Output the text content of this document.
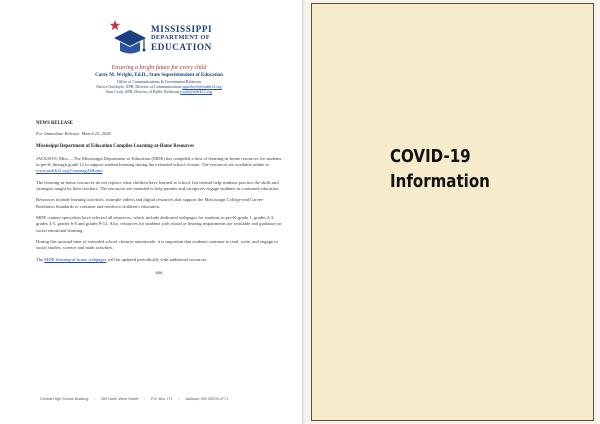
MISSISSIPPI
DEPARTMENT OF
EDUCATION
Ensuring a bright future for every child
Carey M. Wright, Ed.D., State Superintendent of Education
Office of Communications & Government Relations
Patrice Guilfoyle, APR, Director of Communications pguilfoyle@mdek12.org
Jean Cook, APR, Director of Public Relations jcook@mdek12.org
NEWS RELEASE
For Immediate Release: March 23, 2020
Mississippi Department of Education Compiles Learning-at-Home Resources

JACKSON, Miss. – The Mississippi Department of Education (MDE) has compiled a host of learning-at-home resources for students in pre-K through grade 12 to support student learning during the extended school closure. The resources are available online at www.mdek12.org/LearningAtHome.

The learning-at-home resources do not replace what children have learned at school, but instead help students practice the skills and strategies taught by their teachers. The resources are intended to help parents and caregivers engage students in continued education.

Resources include learning activities, example videos and digital resources that support the Mississippi College-and Career-Readiness Standards to continue and reinforce children's education.

MDE content specialists have selected all resources, which include dedicated webpages for students in pre-K-grade 1, grades 2-3, grades 4-5, grades 6-8 and grades 9-12. Also, resources for students with visual or hearing impairments are available and guidance on social emotional learning.

During this unusual time of extended school closures nationwide, it is important that students continue to read, write, and engage in social studies, science and math activities.

The MDE learning-at-home webpages will be updated periodically with additional resources.

###
Central High School Building ○ 359 North West Street ○ P.O. Box 771 ○ Jackson, MS 39205-0771
COVID-19
Information
